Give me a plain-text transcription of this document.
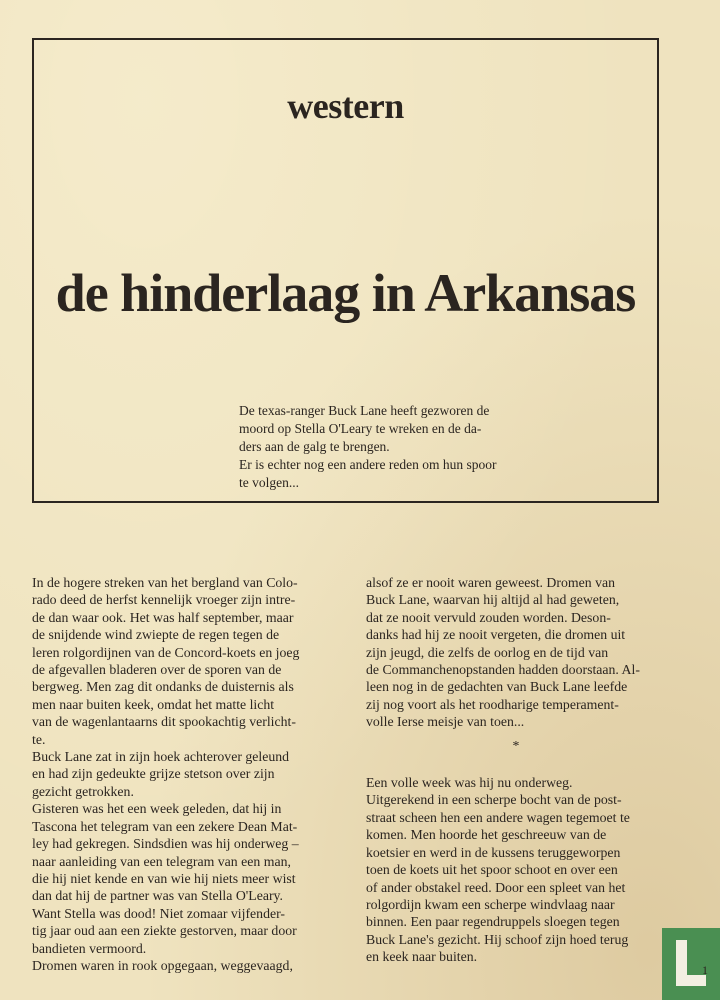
western
de hinderlaag in Arkansas
De texas-ranger Buck Lane heeft gezworen de
moord op Stella O'Leary te wreken en de da-
ders aan de galg te brengen.
Er is echter nog een andere reden om hun spoor
te volgen...
In de hogere streken van het bergland van Colo-
rado deed de herfst kennelijk vroeger zijn intre-
de dan waar ook. Het was half september, maar
de snijdende wind zwiepte de regen tegen de
leren rolgordijnen van de Concord-koets en joeg
de afgevallen bladeren over de sporen van de
bergweg. Men zag dit ondanks de duisternis als
men naar buiten keek, omdat het matte licht
van de wagenlantaarns dit spookachtig verlicht-
te.
Buck Lane zat in zijn hoek achterover geleund
en had zijn gedeukte grijze stetson over zijn
gezicht getrokken.
Gisteren was het een week geleden, dat hij in
Tascona het telegram van een zekere Dean Mat-
ley had gekregen. Sindsdien was hij onderweg –
naar aanleiding van een telegram van een man,
die hij niet kende en van wie hij niets meer wist
dan dat hij de partner was van Stella O'Leary.
Want Stella was dood! Niet zomaar vijfender-
tig jaar oud aan een ziekte gestorven, maar door
bandieten vermoord.
Dromen waren in rook opgegaan, weggevaagd,
alsof ze er nooit waren geweest. Dromen van
Buck Lane, waarvan hij altijd al had geweten,
dat ze nooit vervuld zouden worden. Deson-
danks had hij ze nooit vergeten, die dromen uit
zijn jeugd, die zelfs de oorlog en de tijd van
de Commanchenopstanden hadden doorstaan. Al-
leen nog in de gedachten van Buck Lane leefde
zij nog voort als het roodharige temperament-
volle Ierse meisje van toen...
*
Een volle week was hij nu onderweg.
Uitgerekend in een scherpe bocht van de post-
straat scheen hen een andere wagen tegemoet te
komen. Men hoorde het geschreeuw van de
koetsier en werd in de kussens teruggeworpen
toen de koets uit het spoor schoot en over een
of ander obstakel reed. Door een spleet van het
rolgordijn kwam een scherpe windvlaag naar
binnen. Een paar regendruppels sloegen tegen
Buck Lane's gezicht. Hij schoof zijn hoed terug
en keek naar buiten.
1
